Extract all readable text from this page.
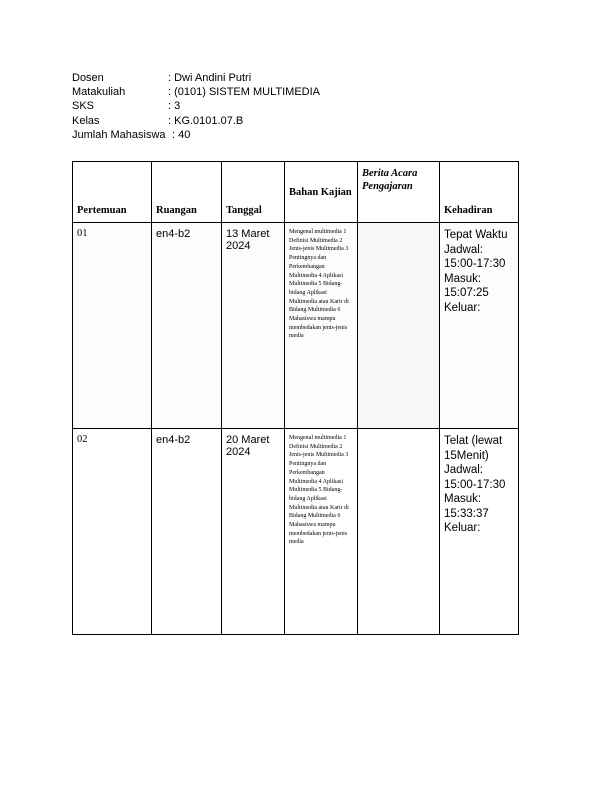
Dosen	: Dwi Andini Putri
Matakuliah	: (0101) SISTEM MULTIMEDIA
SKS	: 3
Kelas	: KG.0101.07.B
Jumlah Mahasiswa : 40
Pertemuan	Ruangan	Tanggal	Bahan Kajian	Berita Acara Pengajaran	Kehadiran
01	en4-b2	13 Maret 2024	Mengenal multimedia 1 Definisi Multimedia 2 Jenis-jenis Multimedia 3 Pentingnya dan Perkembangan Multimedia 4 Aplikasi Multimedia 5 Bidang-bidang Aplikasi Multimedia atau Karir di Bidang Multimedia 6 Mahasiswa mampu membedakan jenis-jenis media		Tepat Waktu Jadwal: 15:00-17:30 Masuk: 15:07:25 Keluar:
02	en4-b2	20 Maret 2024	Mengenal multimedia 1 Definisi Multimedia 2 Jenis-jenis Multimedia 3 Pentingnya dan Perkembangan Multimedia 4 Aplikasi Multimedia 5 Bidang-bidang Aplikasi Multimedia atau Karir di Bidang Multimedia 6 Mahasiswa mampu membedakan jenis-jenis media		Telat (lewat 15Menit) Jadwal: 15:00-17:30 Masuk: 15:33:37 Keluar:
